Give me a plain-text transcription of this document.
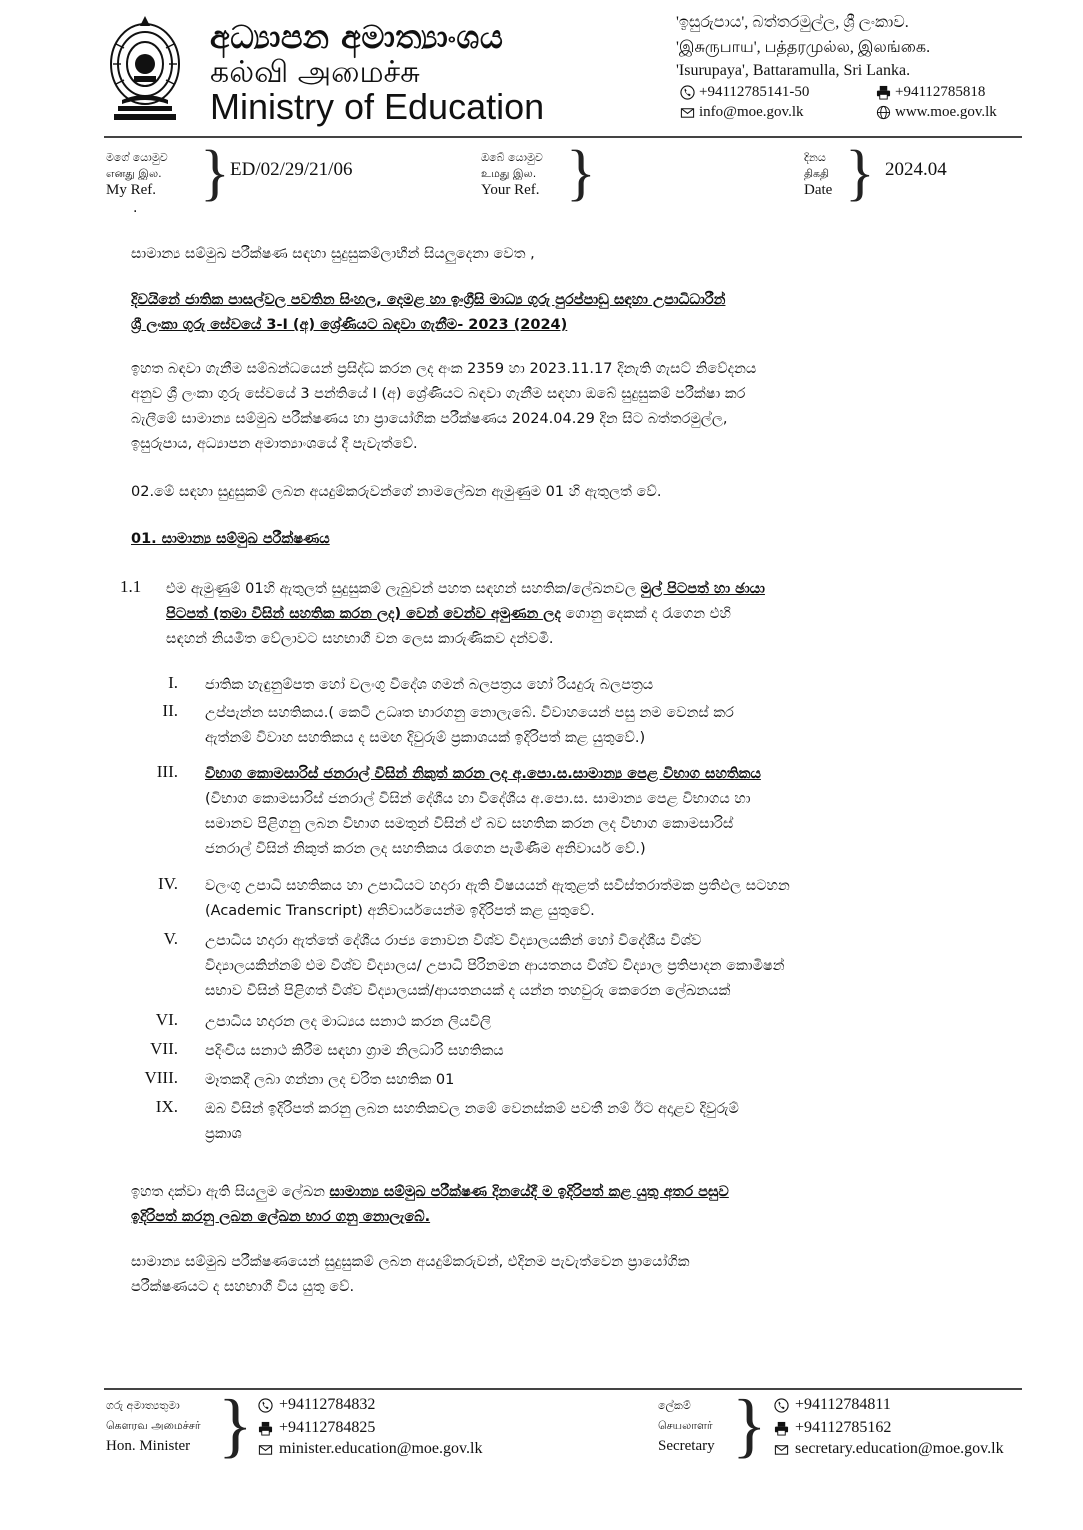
අධ්‍යාපන අමාත්‍යාංශය
கல்வி அமைச்சு
Ministry of Education
'ඉසුරුපාය', බත්තරමුල්ල, ශ්‍රී ලංකාව.
'இசுருபாய', பத்தரமுல்ல, இலங்கை.
'Isurupaya', Battaramulla, Sri Lanka.
+94112785141-50	+94112785818
info@moe.gov.lk	www.moe.gov.lk
මගේ යොමුව
எனது இல.
My Ref. } ED/02/29/21/06
.
ඔබේ යොමුව
உமது இல.
Your Ref. }	දිනය
திகதி
Date } 2024.04
සාමාන්‍ය සම්මුඛ පරීක්ෂණ සඳහා සුදුසුකම්ලාභීන් සියලුදෙනා වෙත ,
දිවයිනේ ජාතික පාසල්වල පවතින සිංහල, දෙමළ හා ඉංග්‍රීසි මාධ්‍ය ගුරු පුරප්පාඩු සඳහා උපාධිධාරීන්
ශ්‍රී ලංකා ගුරු සේවයේ 3-I (අ) ශ්‍රේණියට බඳවා ගැනීම- 2023 (2024)
ඉහත බඳවා ගැනීම සම්බන්ධයෙන් ප්‍රසිද්ධ කරන ලද අංක 2359 හා 2023.11.17 දිනැති ගැසට් නිවේදනය
අනුව ශ්‍රී ලංකා ගුරු සේවයේ 3 පන්තියේ I (අ) ශ්‍රේණියට බඳවා ගැනීම සඳහා ඔබේ සුදුසුකම් පරීක්ෂා කර
බැලීමේ සාමාන්‍ය සම්මුඛ පරීක්ෂණය හා ප්‍රායෝගික පරීක්ෂණය 2024.04.29 දින සිට බත්තරමුල්ල,
ඉසුරුපාය, අධ්‍යාපන අමාත්‍යාංශයේ දී පැවැත්වේ.
02.මේ සඳහා සුදුසුකම් ලබන අයදුම්කරුවන්ගේ නාමලේඛන ඇමුණුම 01 හි ඇතුලත් වේ.
01. සාමාන්‍ය සම්මුඛ පරීක්ෂණය
1.1	එම ඇමුණුම් 01හි ඇතුලත් සුදුසුකම් ලැබුවන් පහත සඳහන් සහතික/ලේඛනවල මුල් පිටපත් හා ඡායා
පිටපත් (තමා විසින් සහතික කරන ලද) වෙන් වෙන්ව අමුණන ලද ගොනු දෙකක් ද රැගෙන එහි
සඳහන් නියමිත වේලාවට සහභාගී වන ලෙස කාරුණිකව දන්වමි.
I. ජාතික හැඳුනුම්පත හෝ වලංගු විදේශ ගමන් බලපත්‍රය හෝ රියදුරු බලපත්‍රය
II. උප්පැන්න සහතිකය.( කෙටි උධෘත භාරගනු නොලැබේ. විවාහයෙන් පසු නම වෙනස් කර
ඇත්නම් විවාහ සහතිකය ද සමඟ දිවුරුම් ප්‍රකාශයක් ඉදිරිපත් කළ යුතුවේ.)
III. විභාග කොමසාරිස් ජනරාල් විසින් නිකුත් කරන ලද අ.පො.ස.සාමාන්‍ය පෙළ විභාග සහතිකය
(විභාග කොමසාරිස් ජනරාල් විසින් දේශීය හා විදේශීය අ.පො.ස. සාමාන්‍ය පෙළ විභාගය හා
සමානව පිළිගනු ලබන විභාග සමතුන් විසින් ඒ බව සහතික කරන ලද විභාග කොමසාරිස්
ජනරාල් විසින් නිකුත් කරන ලද සහතිකය රැගෙන පැමිණීම අනිවාර්ය වේ.)
IV. වලංගු උපාධි සහතිකය හා උපාධියට හදාරා ඇති විෂයයන් ඇතුළත් සවිස්තරාත්මක ප්‍රතිඵල සටහන
(Academic Transcript) අනිවාර්යයෙන්ම ඉදිරිපත් කළ යුතුවේ.
V. උපාධිය හදාරා ඇත්තේ දේශීය රාජ්‍ය නොවන විශ්ව විද්‍යාලයකින් හෝ විදේශීය විශ්ව
විද්‍යාලයකින්නම් එම විශ්ව විද්‍යාලය/ උපාධි පිරිනමන ආයතනය විශ්ව විද්‍යාල ප්‍රතිපාදන කොමිෂන්
සභාව විසින් පිළිගත් විශ්ව විද්‍යාලයක්/ආයතනයක් ද යන්න තහවුරු කෙරෙන ලේඛනයක්
VI. උපාධිය හදාරන ලද මාධ්‍යය සනාථ කරන ලියවිලි
VII. පදිංචිය සනාථ කිරීම සඳහා ග්‍රාම නිලධාරි සහතිකය
VIII. මෑතකදී ලබා ගන්නා ලද චරිත සහතික 01
IX. ඔබ විසින් ඉදිරිපත් කරනු ලබන සහතිකවල නමේ වෙනස්කම් පවතී නම් ඊට අදාළව දිවුරුම්
ප්‍රකාශ
ඉහත දක්වා ඇති සියලුම ලේඛන සාමාන්‍ය සම්මුඛ පරීක්ෂණ දිනයේදී ම ඉදිරිපත් කළ යුතු අතර පසුව
ඉදිරිපත් කරනු ලබන ලේඛන භාර ගනු නොලැබේ.
සාමාන්‍ය සම්මුඛ පරීක්ෂණයෙන් සුදුසුකම් ලබන අයදුම්කරුවන්, එදිනම පැවැත්වෙන ප්‍රායෝගික
පරීක්ෂණයට ද සහභාගී විය යුතු වේ.
ගරු අමාත්‍යතුමා
கௌரவ அமைச்சர்
Hon. Minister } +94112784832
+94112784825
minister.education@moe.gov.lk
ලේකම්
செயலாளர்
Secretary } +94112784811
+94112785162
secretary.education@moe.gov.lk
